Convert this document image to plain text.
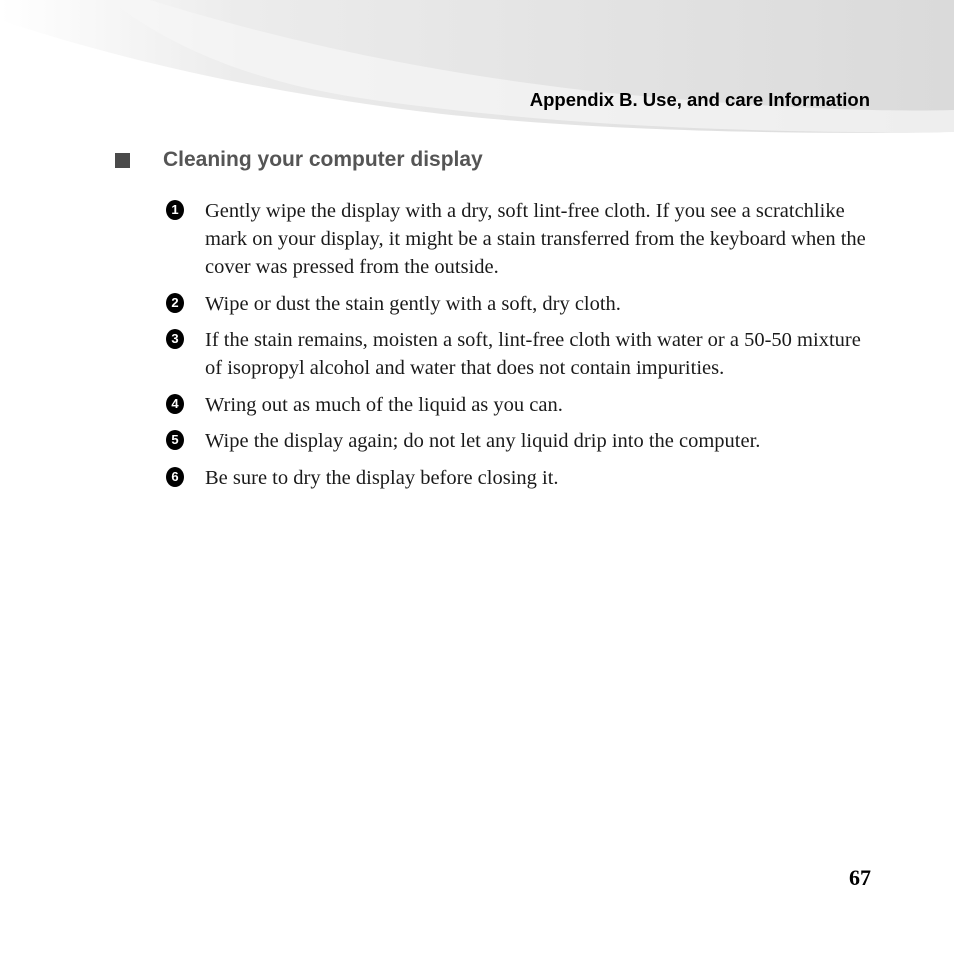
Appendix B. Use, and care Information
Cleaning your computer display
1 Gently wipe the display with a dry, soft lint-free cloth. If you see a scratchlike mark on your display, it might be a stain transferred from the keyboard when the cover was pressed from the outside.
2 Wipe or dust the stain gently with a soft, dry cloth.
3 If the stain remains, moisten a soft, lint-free cloth with water or a 50-50 mixture of isopropyl alcohol and water that does not contain impurities.
4 Wring out as much of the liquid as you can.
5 Wipe the display again; do not let any liquid drip into the computer.
6 Be sure to dry the display before closing it.
67
